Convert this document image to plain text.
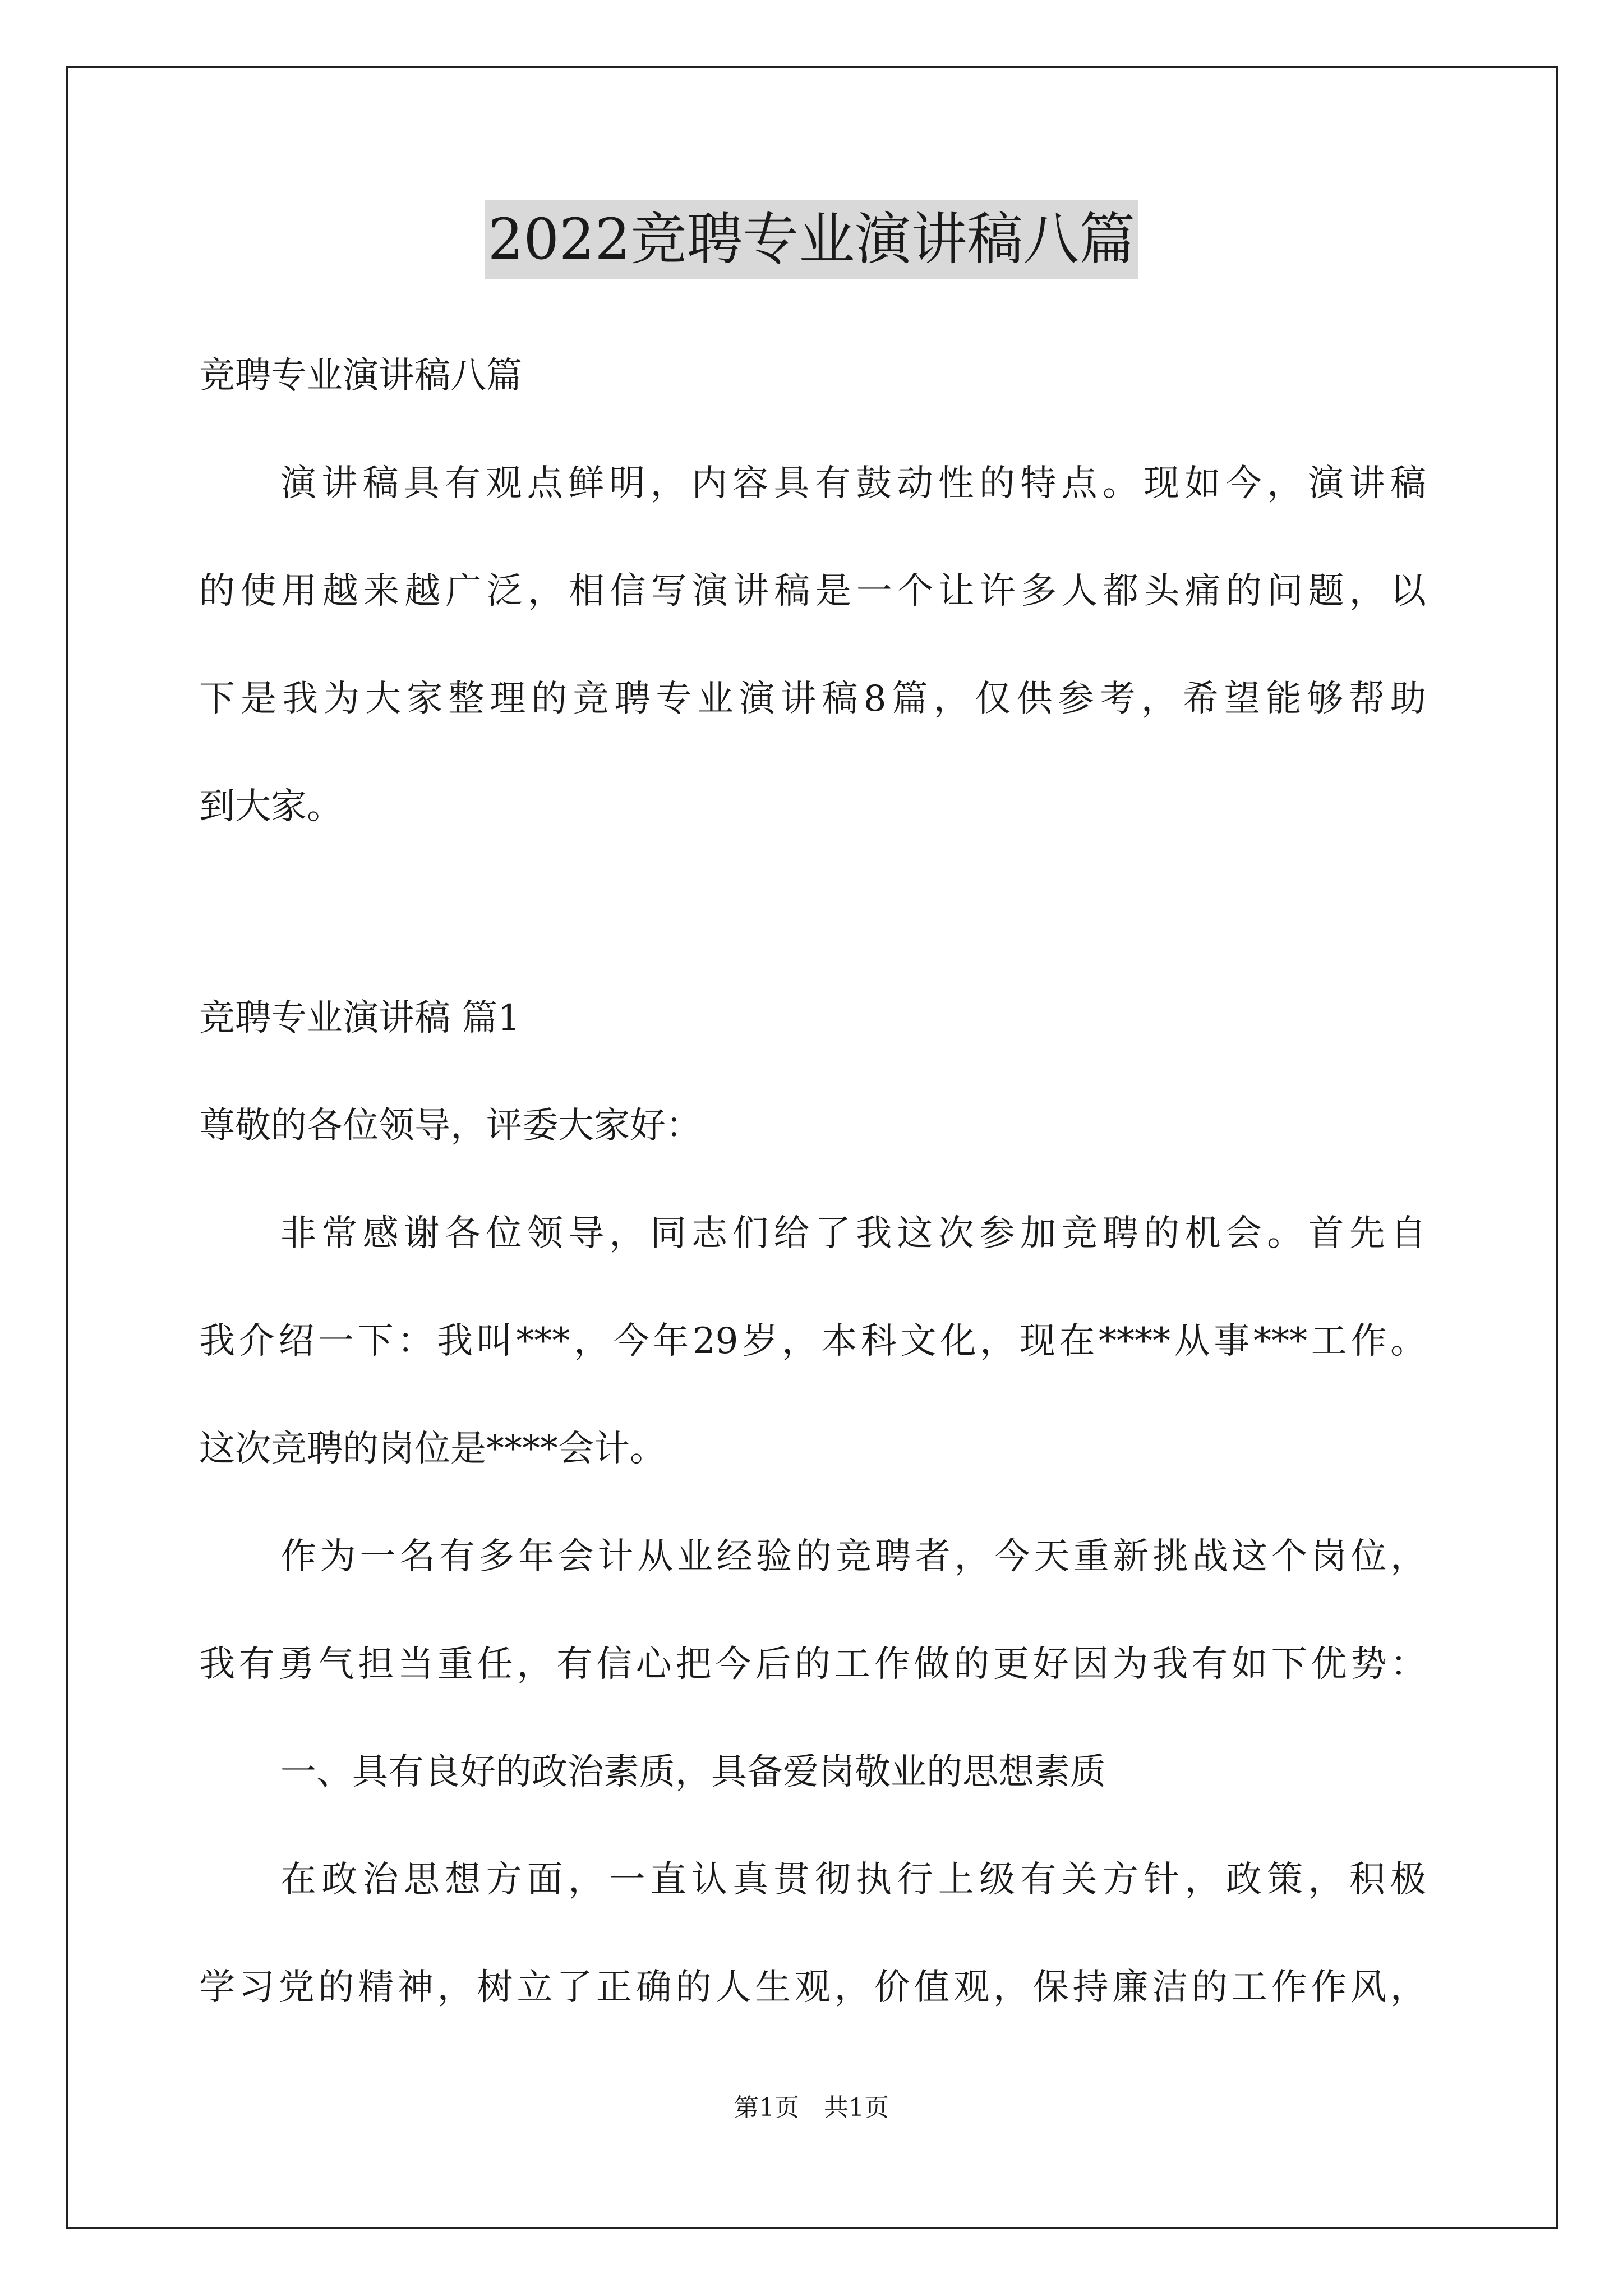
2022竞聘专业演讲稿八篇
竞聘专业演讲稿八篇
演讲稿具有观点鲜明，内容具有鼓动性的特点。现如今，演讲稿
的使用越来越广泛，相信写演讲稿是一个让许多人都头痛的问题，以
下是我为大家整理的竞聘专业演讲稿8篇，仅供参考，希望能够帮助
到大家。
竞聘专业演讲稿 篇1
尊敬的各位领导，评委大家好：
非常感谢各位领导，同志们给了我这次参加竞聘的机会。首先自
我介绍一下：我叫***，今年29岁，本科文化，现在****从事***工作。
这次竞聘的岗位是****会计。
作为一名有多年会计从业经验的竞聘者，今天重新挑战这个岗位，
我有勇气担当重任，有信心把今后的工作做的更好因为我有如下优势：
一、具有良好的政治素质，具备爱岗敬业的思想素质
在政治思想方面，一直认真贯彻执行上级有关方针，政策，积极
学习党的精神，树立了正确的人生观，价值观，保持廉洁的工作作风，
第1页　共1页
